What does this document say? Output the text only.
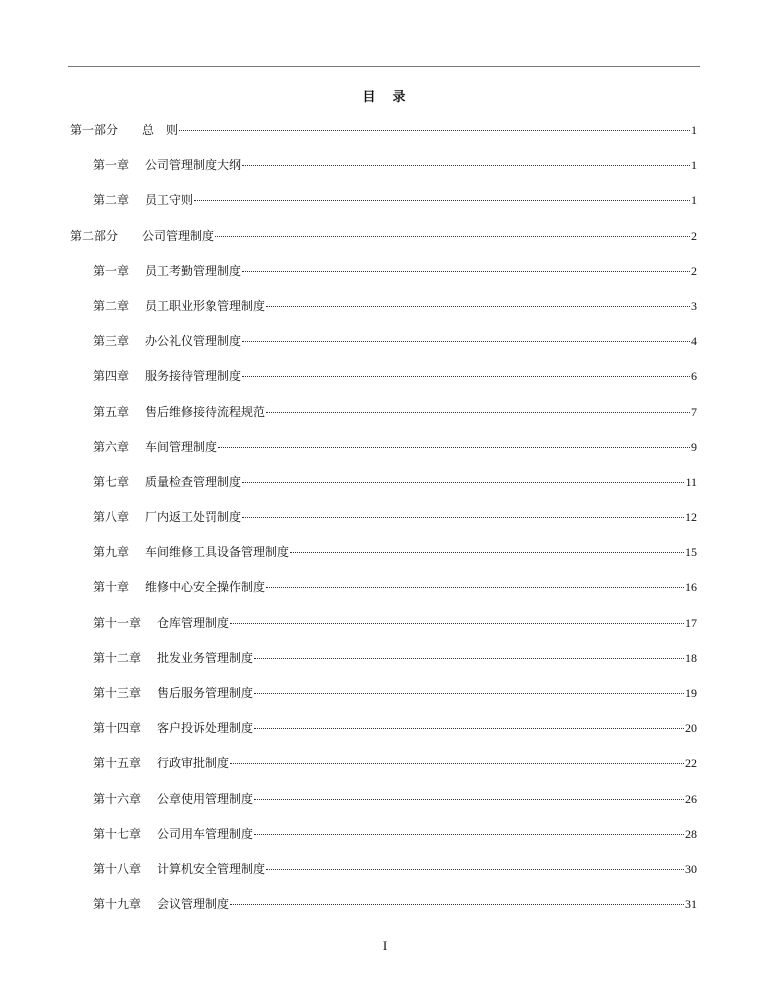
目　录
第一部分 总　则	1
第一章 公司管理制度大纲	1
第二章 员工守则	1
第二部分 公司管理制度	2
第一章 员工考勤管理制度	2
第二章 员工职业形象管理制度	3
第三章 办公礼仪管理制度	4
第四章 服务接待管理制度	6
第五章 售后维修接待流程规范	7
第六章 车间管理制度	9
第七章 质量检查管理制度	11
第八章 厂内返工处罚制度	12
第九章 车间维修工具设备管理制度	15
第十章 维修中心安全操作制度	16
第十一章 仓库管理制度	17
第十二章 批发业务管理制度	18
第十三章 售后服务管理制度	19
第十四章 客户投诉处理制度	20
第十五章 行政审批制度	22
第十六章 公章使用管理制度	26
第十七章 公司用车管理制度	28
第十八章 计算机安全管理制度	30
第十九章 会议管理制度	31
I
